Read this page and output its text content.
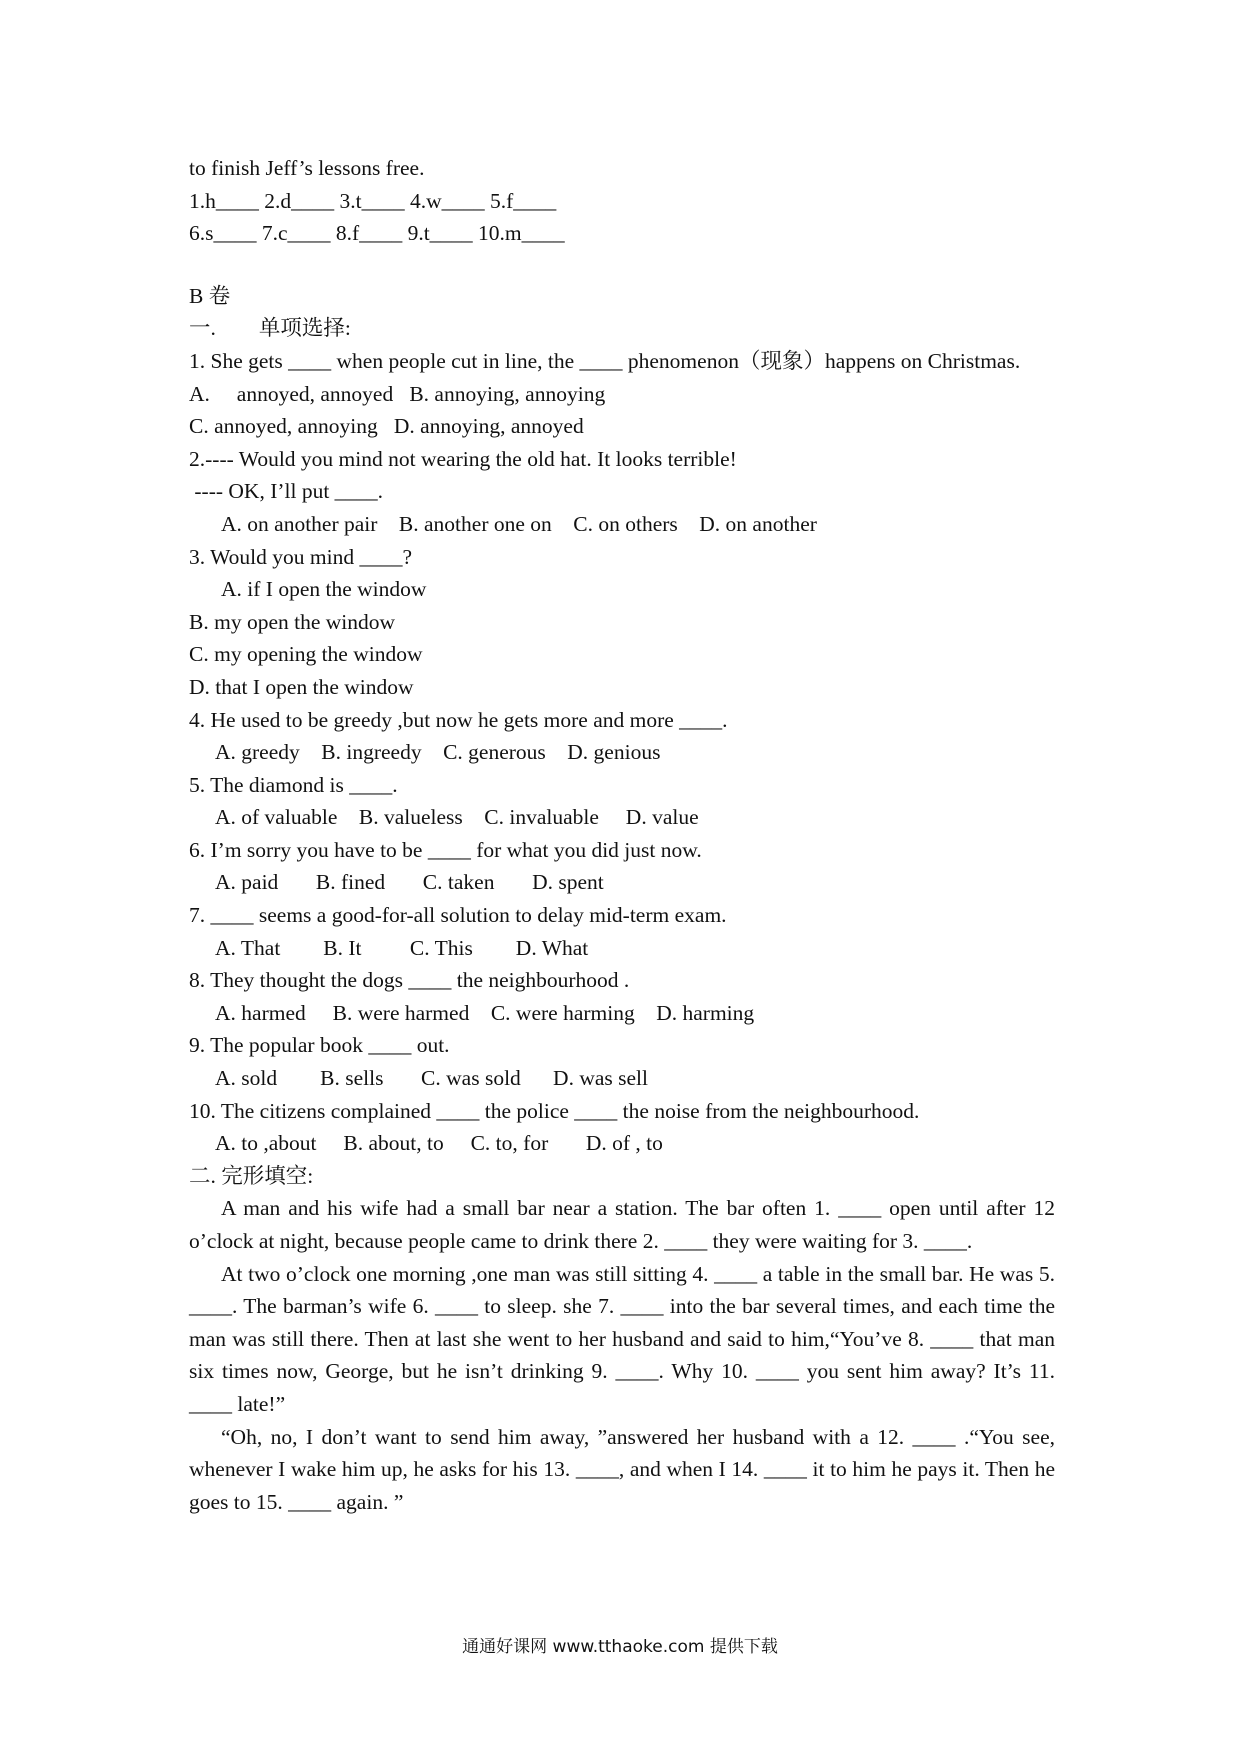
to finish Jeff’s lessons free.
1.h____ 2.d____ 3.t____ 4.w____ 5.f____
6.s____ 7.c____ 8.f____ 9.t____ 10.m____
B 卷
一.        单项选择:
1. She gets ____ when people cut in line, the ____ phenomenon（现象）happens on Christmas.
A.     annoyed, annoyed   B. annoying, annoying
C. annoyed, annoying   D. annoying, annoyed
2.---- Would you mind not wearing the old hat. It looks terrible!
---- OK, I’ll put ____.
A. on another pair    B. another one on    C. on others    D. on another
3. Would you mind ____?
A. if I open the window
B. my open the window
C. my opening the window
D. that I open the window
4. He used to be greedy ,but now he gets more and more ____.
A. greedy    B. ingreedy    C. generous    D. genious
5. The diamond is ____.
A. of valuable    B. valueless    C. invaluable     D. value
6. I’m sorry you have to be ____ for what you did just now.
A. paid       B. fined       C. taken       D. spent
7. ____ seems a good-for-all solution to delay mid-term exam.
A. That        B. It         C. This        D. What
8. They thought the dogs ____ the neighbourhood .
A. harmed     B. were harmed    C. were harming    D. harming
9. The popular book ____ out.
A. sold        B. sells       C. was sold      D. was sell
10. The citizens complained ____ the police ____ the noise from the neighbourhood.
A. to ,about     B. about, to     C. to, for       D. of , to
二. 完形填空:
A man and his wife had a small bar near a station. The bar often 1. ____ open until after 12 o’clock at night, because people came to drink there 2. ____ they were waiting for 3. ____.
At two o’clock one morning ,one man was still sitting 4. ____ a table in the small bar. He was 5. ____. The barman’s wife 6. ____ to sleep. she 7. ____ into the bar several times, and each time the man was still there. Then at last she went to her husband and said to him,“You’ve 8. ____ that man six times now, George, but he isn’t drinking 9. ____. Why 10. ____ you sent him away? It’s 11. ____ late!”
“Oh, no, I don’t want to send him away, ”answered her husband with a 12. ____ .“You see, whenever I wake him up, he asks for his 13. ____, and when I 14. ____ it to him he pays it. Then he goes to 15. ____ again. ”
通通好课网 www.tthaoke.com 提供下载
